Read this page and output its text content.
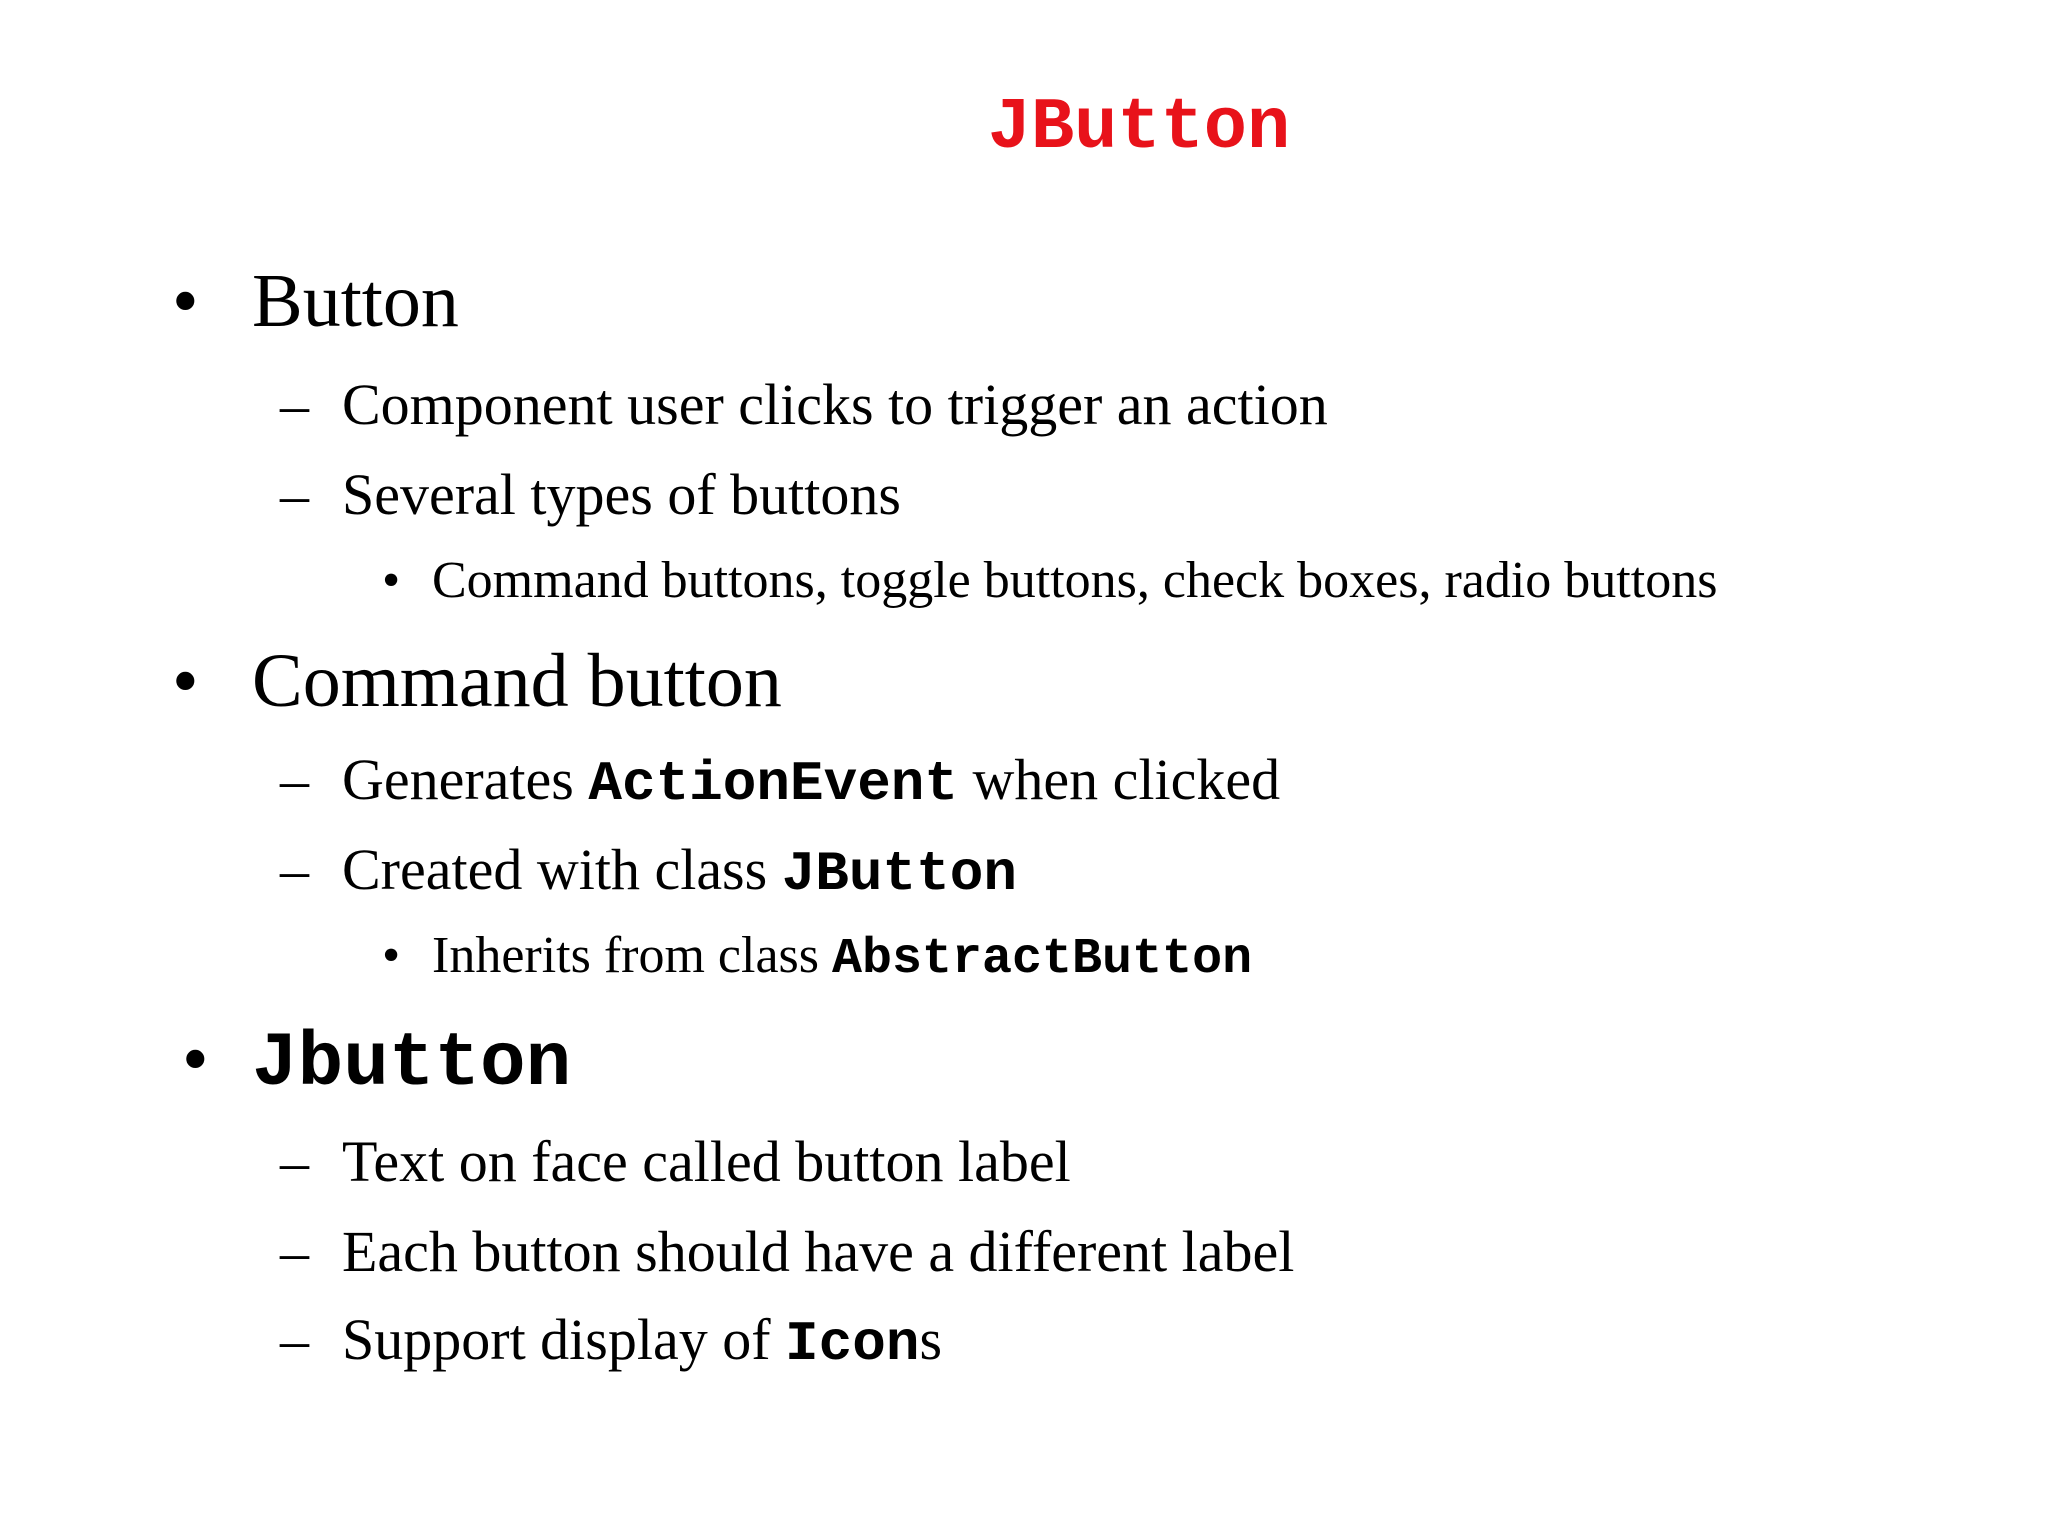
JButton
• Button
– Component user clicks to trigger an action
– Several types of buttons
• Command buttons, toggle buttons, check boxes, radio buttons
• Command button
– Generates ActionEvent when clicked
– Created with class JButton
• Inherits from class AbstractButton
• Jbutton
– Text on face called button label
– Each button should have a different label
– Support display of Icons
